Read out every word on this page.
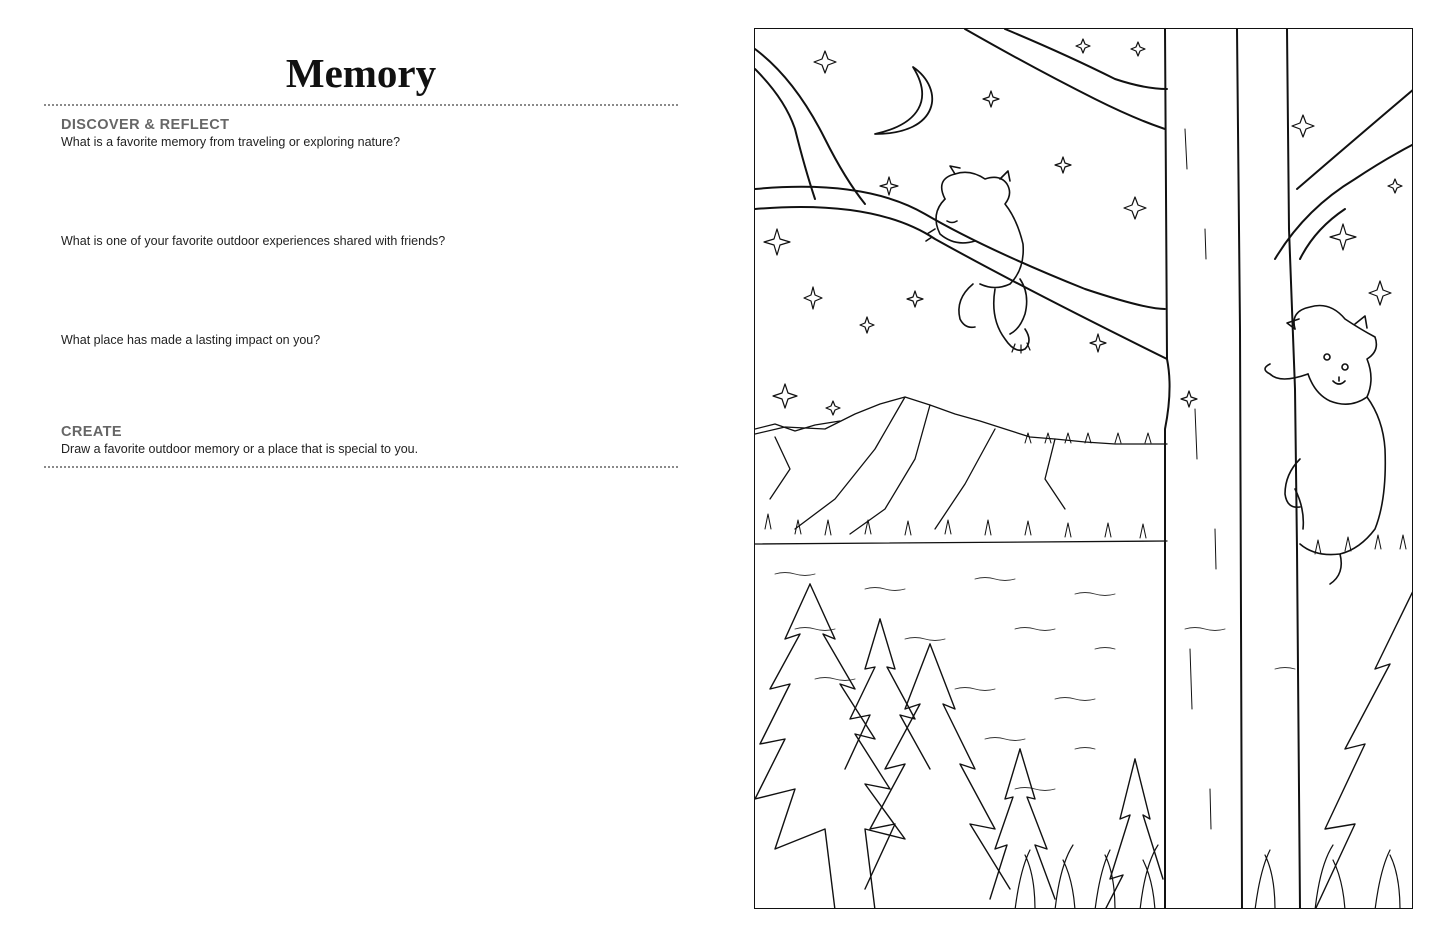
Memory
DISCOVER & REFLECT

What is a favorite memory from traveling or exploring nature?

What is one of your favorite outdoor experiences shared with friends?

What place has made a lasting impact on you?

CREATE

Draw a favorite outdoor memory or a place that is special to you.
